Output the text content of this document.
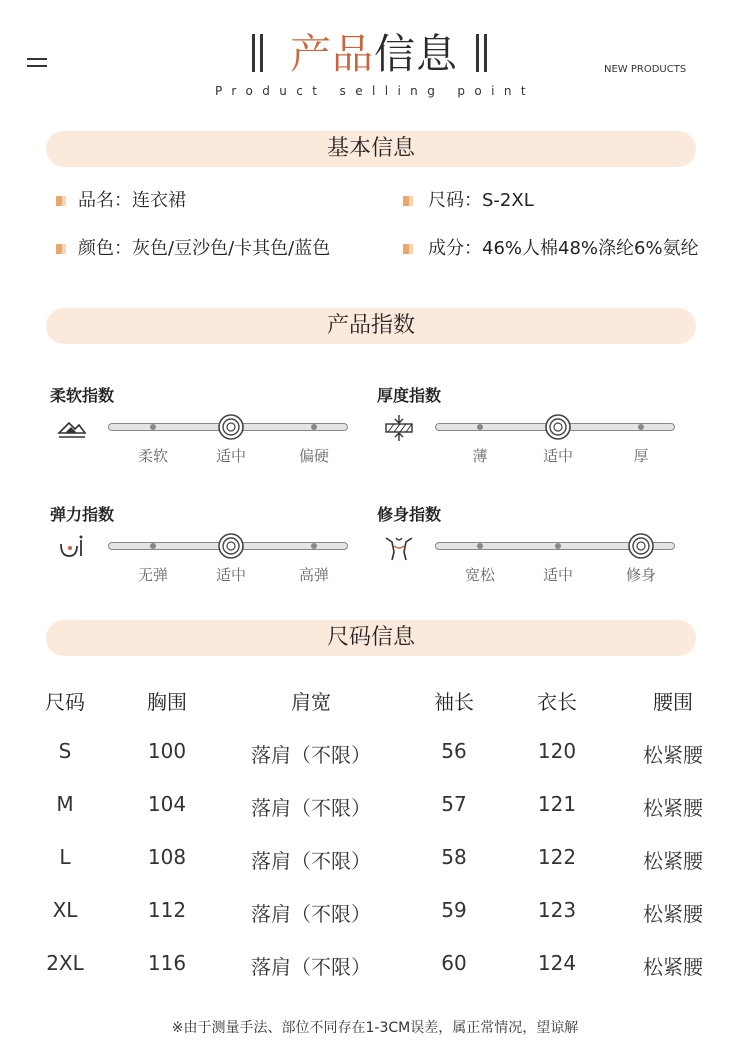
产品信息
Product selling point
NEW PRODUCTS
基本信息
品名：连衣裙	尺码：S-2XL
颜色：灰色/豆沙色/卡其色/蓝色	成分：46%人棉48%涤纶6%氨纶
产品指数
柔软指数
柔软	适中	偏硬
厚度指数
薄	适中	厚
弹力指数
无弹	适中	高弹
修身指数
宽松	适中	修身
尺码信息
尺码	胸围	肩宽	袖长	衣长	腰围
S	100	落肩（不限）	56	120	松紧腰
M	104	落肩（不限）	57	121	松紧腰
L	108	落肩（不限）	58	122	松紧腰
XL	112	落肩（不限）	59	123	松紧腰
2XL	116	落肩（不限）	60	124	松紧腰
※由于测量手法、部位不同存在1-3CM误差，属正常情况，望谅解
